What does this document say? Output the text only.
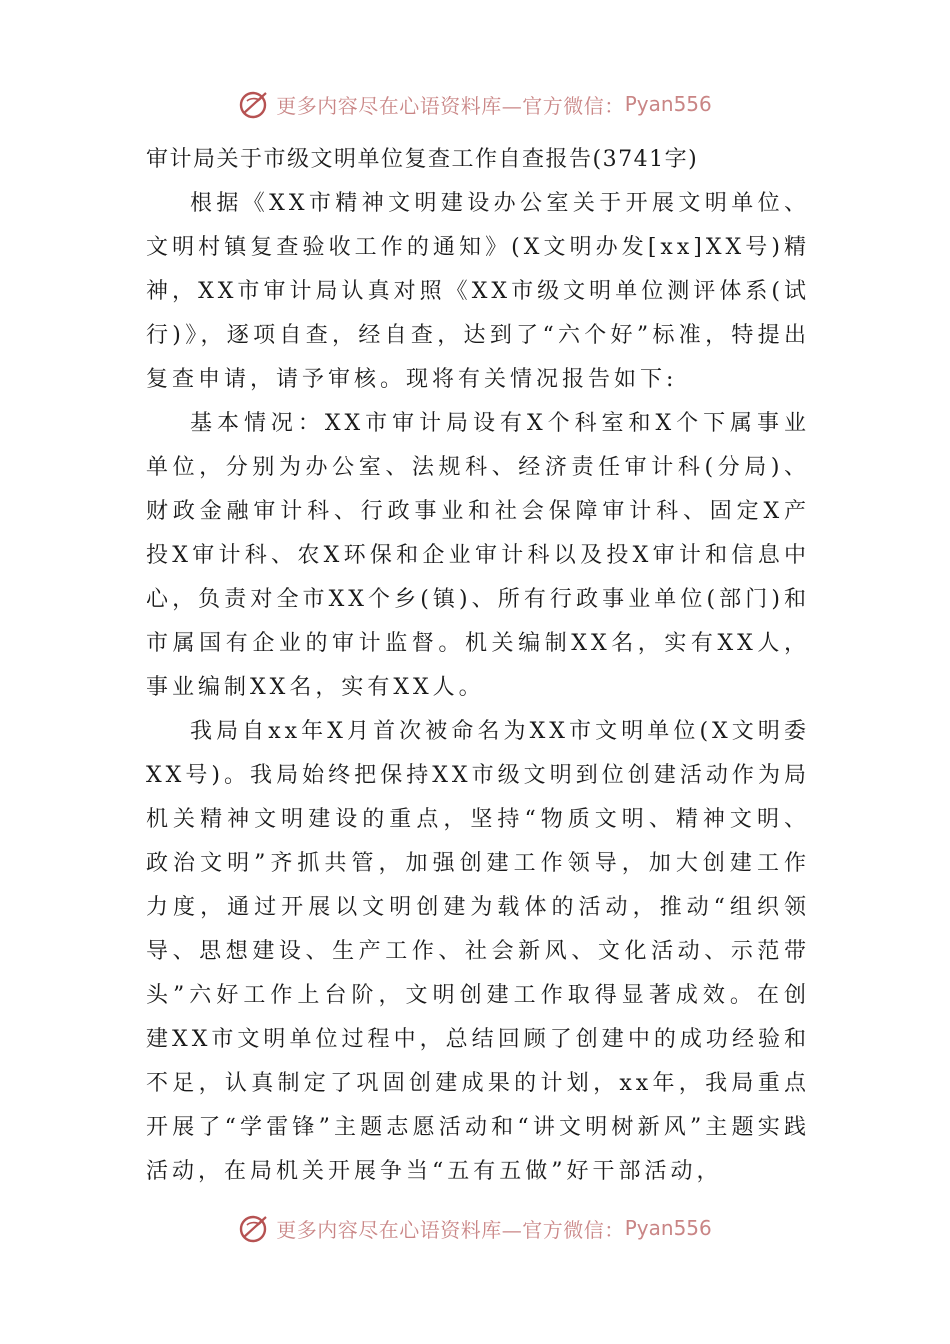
更多内容尽在心语资料库—官方微信： Pyan556

审计局关于市级文明单位复查工作自查报告(3741字)

根据《XX市精神文明建设办公室关于开展文明单位、文明村镇复查验收工作的通知》(X文明办发[xx]XX号)精神，XX市审计局认真对照《XX市级文明单位测评体系(试行)》，逐项自查，经自查，达到了“六个好”标准，特提出复查申请，请予审核。现将有关情况报告如下:

基本情况：XX市审计局设有X个科室和X个下属事业单位，分别为办公室、法规科、经济责任审计科(分局)、财政金融审计科、行政事业和社会保障审计科、固定X产投X审计科、农X环保和企业审计科以及投X审计和信息中心，负责对全市XX个乡(镇)、所有行政事业单位(部门)和市属国有企业的审计监督。机关编制XX名，实有XX人，事业编制XX名，实有XX人。

我局自xx年X月首次被命名为XX市文明单位(X文明委XX号)。我局始终把保持XX市级文明到位创建活动作为局机关精神文明建设的重点，坚持“物质文明、精神文明、政治文明”齐抓共管，加强创建工作领导，加大创建工作力度，通过开展以文明创建为载体的活动，推动“组织领导、思想建设、生产工作、社会新风、文化活动、示范带头”六好工作上台阶，文明创建工作取得显著成效。在创建XX市文明单位过程中，总结回顾了创建中的成功经验和不足，认真制定了巩固创建成果的计划，xx年，我局重点开展了“学雷锋”主题志愿活动和“讲文明树新风”主题实践活动，在局机关开展争当“五有五做”好干部活动，

更多内容尽在心语资料库—官方微信： Pyan556
